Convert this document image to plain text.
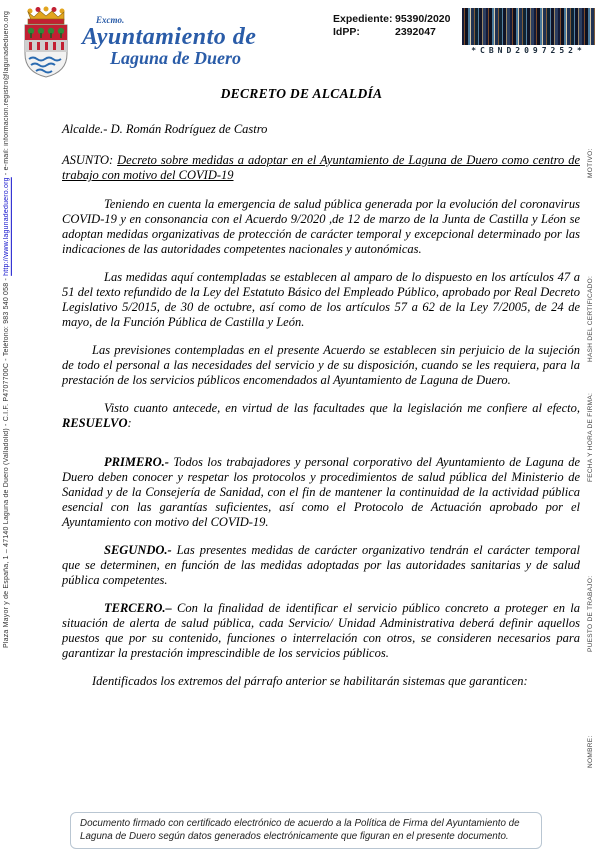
Excmo.
Ayuntamiento de
Laguna de Duero
Expediente: 95390/2020
IdPP:	2392047
*CBND2097252*
DECRETO DE ALCALDÍA

Alcalde.- D. Román Rodríguez de Castro

ASUNTO: Decreto sobre medidas a adoptar en el Ayuntamiento de Laguna de Duero como centro de trabajo con motivo del COVID-19

Teniendo en cuenta la emergencia de salud pública generada por la evolución del coronavirus COVID-19 y en consonancia con el Acuerdo 9/2020 ,de 12 de marzo de la Junta de Castilla y Léon se adoptan medidas organizativas de protección de carácter temporal y excepcional determinado por las indicaciones de las autoridades competentes nacionales y autonómicas.

Las medidas aquí contempladas se establecen al amparo de lo dispuesto en los artículos 47 a 51 del texto refundido de la Ley del Estatuto Básico del Empleado Público, aprobado por Real Decreto Legislativo 5/2015, de 30 de octubre, así como de los artículos 57 a 62 de la Ley 7/2005, de 24 de mayo, de la Función Pública de Castilla y León.

Las previsiones contempladas en el presente Acuerdo se establecen sin perjuicio de la sujeción de todo el personal a las necesidades del servicio y de su disposición, cuando se les requiera, para la prestación de los servicios públicos encomendados al Ayuntamiento de Laguna de Duero.

Visto cuanto antecede, en virtud de las facultades que la legislación me confiere al efecto, RESUELVO:

PRIMERO.- Todos los trabajadores y personal corporativo del Ayuntamiento de Laguna de Duero deben conocer y respetar los protocolos y procedimientos de salud pública del Ministerio de Sanidad y de la Consejería de Sanidad, con el fin de mantener la continuidad de la actividad pública esencial con las garantías suficientes, así como el Protocolo de Actuación aprobado por el Ayuntamiento con motivo del COVID-19.

SEGUNDO.- Las presentes medidas de carácter organizativo tendrán el carácter temporal que se determinen, en función de las medidas adoptadas por las autoridades sanitarias y de salud pública competentes.

TERCERO.– Con la finalidad de identificar el servicio público concreto a proteger en la situación de alerta de salud pública, cada Servicio/ Unidad Administrativa deberá definir aquellos puestos que por su contenido, funciones o interrelación con otros, se consideren necesarios para garantizar la prestación imprescindible de los servicios públicos.

Identificados los extremos del párrafo anterior se habilitarán sistemas que garanticen:

Plaza Mayor y de España, 1 – 47140 Laguna de Duero (Valladolid) - C.I.F. P4707700C - Teléfono: 983 540 058 - http://www.lagunadeduero.org - e-mail: informacion.registro@lagunadeduero.org	MOTIVO:
HASH DEL CERTIFICADO:
FECHA Y HORA DE FIRMA:
PUESTO DE TRABAJO:
NOMBRE:
Documento firmado con certificado electrónico de acuerdo a la Política de Firma del Ayuntamiento de Laguna de Duero según datos generados electrónicamente que figuran en el presente documento.
